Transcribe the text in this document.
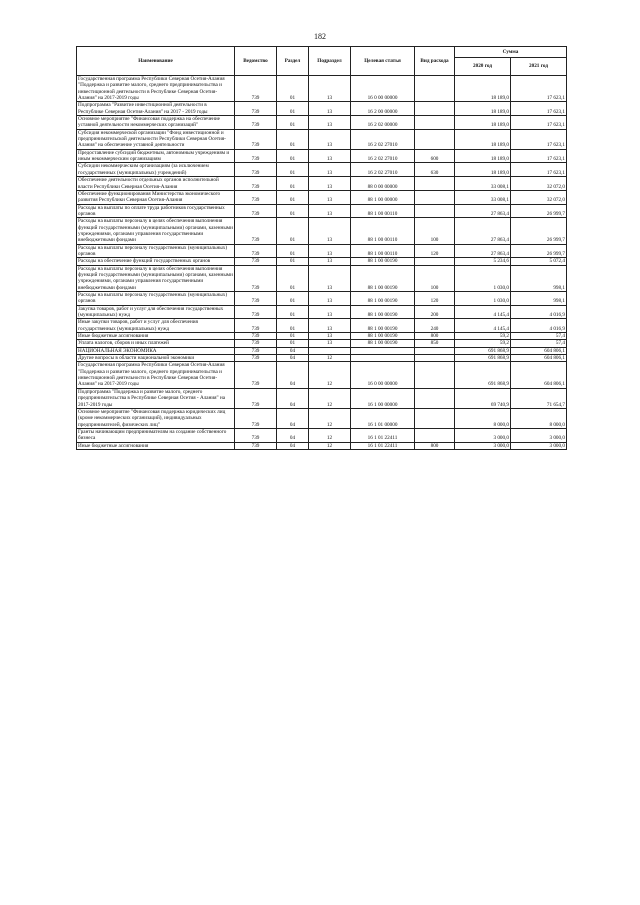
182
Наименование	Ведомство	Раздел	Подраздел	Целевая статья	Вид расхода	Сумма	
						2020 год	2021 год
Государственная программа Республики Северная Осетия-Алания "Поддержка и развитие малого, среднего предпринимательства и инвестиционной деятельности в Республике Северная Осетия-Алания" на 2017-2019 годы	739	01	13	16 0 00 00000		18 189,0	17 623,1
Подпрограмма "Развитие инвестиционной деятельности в Республике Северная Осетия-Алания" на 2017 - 2019 годы	739	01	13	16 2 00 00000		18 189,0	17 623,1
Основное мероприятие "Финансовая поддержка на обеспечение уставной деятельности некоммерческих организаций"	739	01	13	16 2 02 00000		18 189,0	17 623,1
Субсидия некоммерческой организации "Фонд инвестиционной и предпринимательской деятельности Республики Северная Осетия-Алания" на обеспечение уставной деятельности	739	01	13	16 2 02 27010		18 189,0	17 623,1
Предоставление субсидий бюджетным, автономным учреждениям и иным некоммерческим организациям	739	01	13	16 2 02 27010	600	18 189,0	17 623,1
Субсидии некоммерческим организациям (за исключением государственных (муниципальных) учреждений)	739	01	13	16 2 02 27010	630	18 189,0	17 623,1
Обеспечение деятельности отдельных органов исполнительной власти Республики Северная Осетия-Алания	739	01	13	88 0 00 00000		33 008,1	32 072,0
Обеспечение функционирования Министерства экономического развития Республики Северная Осетия-Алания	739	01	13	88 1 00 00000		33 008,1	32 072,0
Расходы на выплаты по оплате труда работников государственных органов	739	01	13	88 1 00 00110		27 863,4	26 999,7
Расходы на выплаты персоналу в целях обеспечения выполнения функций государственными (муниципальными) органами, казенными учреждениями, органами управления государственными внебюджетными фондами	739	01	13	88 1 00 00110	100	27 863,4	26 999,7
Расходы на выплаты персоналу государственных (муниципальных) органов	739	01	13	88 1 00 00110	120	27 863,4	26 999,7
Расходы на обеспечение функций государственных органов	739	01	13	88 1 00 00190		5 234,6	5 072,4
Расходы на выплаты персоналу в целях обеспечения выполнения функций государственными (муниципальными) органами, казенными учреждениями, органами управления государственными внебюджетными фондами	739	01	13	88 1 00 00190	100	1 030,0	998,1
Расходы на выплаты персоналу государственных (муниципальных) органов	739	01	13	88 1 00 00190	120	1 030,0	998,1
Закупка товаров, работ и услуг для обеспечения государственных (муниципальных) нужд	739	01	13	88 1 00 00190	200	4 145,4	4 016,9
Иные закупки товаров, работ и услуг для обеспечения государственных (муниципальных) нужд	739	01	13	88 1 00 00190	240	4 145,4	4 016,9
Иные бюджетные ассигнования	739	01	13	88 1 00 00190	800	59,2	57,4
Уплата налогов, сборов и иных платежей	739	01	13	88 1 00 00190	850	59,2	57,4
НАЦИОНАЛЬНАЯ ЭКОНОМИКА	739	04				691 868,9	604 806,1
Другие вопросы в области национальной экономики	739	04	12			691 868,9	604 806,1
Государственная программа Республики Северная Осетия-Алания "Поддержка и развитие малого, среднего предпринимательства и инвестиционной деятельности в Республике Северная Осетия-Алания" на 2017-2019 годы	739	04	12	16 0 00 00000		691 868,9	604 806,1
Подпрограмма "Поддержка и развитие малого, среднего предпринимательства в Республике Северная Осетия - Алания" на 2017-2019 годы	739	04	12	16 1 00 00000		69 740,9	71 654,7
Основное мероприятие "Финансовая поддержка юридических лиц (кроме некоммерческих организаций), индивидуальных предпринимателей, физических лиц"	739	04	12	16 1 01 00000		8 000,0	8 000,0
Гранты начинающим предпринимателям на создание собственного бизнеса	739	04	12	16 1 01 22411		3 000,0	3 000,0
Иные бюджетные ассигнования	739	04	12	16 1 01 22411	800	3 000,0	3 000,0
